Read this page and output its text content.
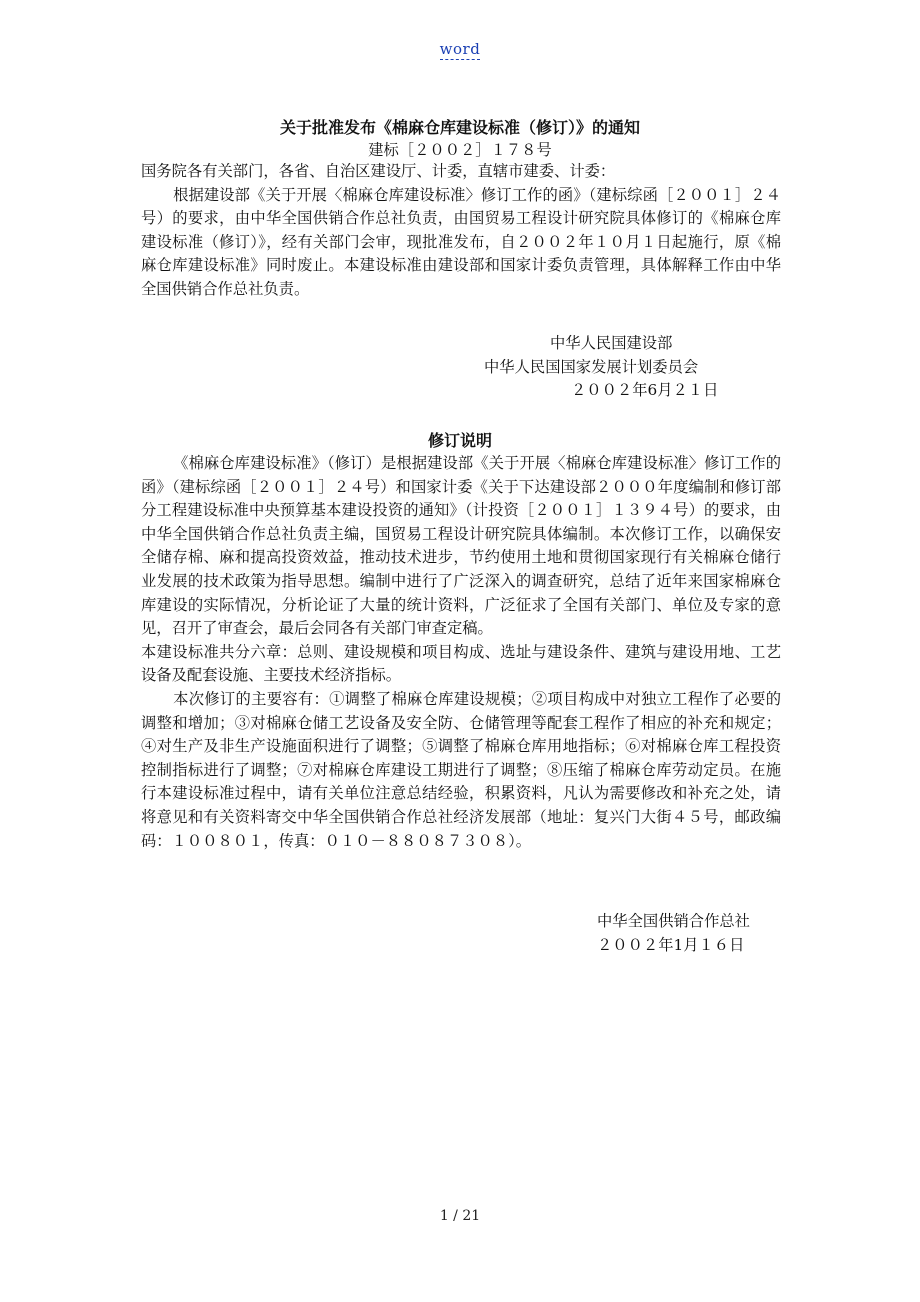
word
关于批准发布《棉麻仓库建设标准（修订）》的通知
建标［２００２］１７８号

国务院各有关部门，各省、自治区建设厅、计委，直辖市建委、计委：

根据建设部《关于开展〈棉麻仓库建设标准〉修订工作的函》（建标综函［２００１］２４号）的要求，由中华全国供销合作总社负责，由国贸易工程设计研究院具体修订的《棉麻仓库建设标准（修订）》，经有关部门会审，现批准发布，自２００２年１０月１日起施行，原《棉麻仓库建设标准》同时废止。本建设标准由建设部和国家计委负责管理，具体解释工作由中华全国供销合作总社负责。

中华人民国建设部
中华人民国国家发展计划委员会
２００２年6月２１日
修订说明

《棉麻仓库建设标准》（修订）是根据建设部《关于开展〈棉麻仓库建设标准〉修订工作的函》（建标综函［２００１］２４号）和国家计委《关于下达建设部２０００年度编制和修订部分工程建设标准中央预算基本建设投资的通知》（计投资［２００１］１３９４号）的要求，由中华全国供销合作总社负责主编，国贸易工程设计研究院具体编制。本次修订工作，以确保安全储存棉、麻和提高投资效益，推动技术进步，节约使用土地和贯彻国家现行有关棉麻仓储行业发展的技术政策为指导思想。编制中进行了广泛深入的调查研究，总结了近年来国家棉麻仓库建设的实际情况，分析论证了大量的统计资料，广泛征求了全国有关部门、单位及专家的意见，召开了审查会，最后会同各有关部门审查定稿。

本建设标准共分六章：总则、建设规模和项目构成、选址与建设条件、建筑与建设用地、工艺设备及配套设施、主要技术经济指标。

本次修订的主要容有：①调整了棉麻仓库建设规模；②项目构成中对独立工程作了必要的调整和增加；③对棉麻仓储工艺设备及安全防、仓储管理等配套工程作了相应的补充和规定；④对生产及非生产设施面积进行了调整；⑤调整了棉麻仓库用地指标；⑥对棉麻仓库工程投资控制指标进行了调整；⑦对棉麻仓库建设工期进行了调整；⑧压缩了棉麻仓库劳动定员。在施行本建设标准过程中，请有关单位注意总结经验，积累资料，凡认为需要修改和补充之处，请将意见和有关资料寄交中华全国供销合作总社经济发展部（地址：复兴门大街４５号，邮政编码：１００８０１，传真：０１０－８８０８７３０８）。

中华全国供销合作总社
２００２年1月１６日
1 / 21
